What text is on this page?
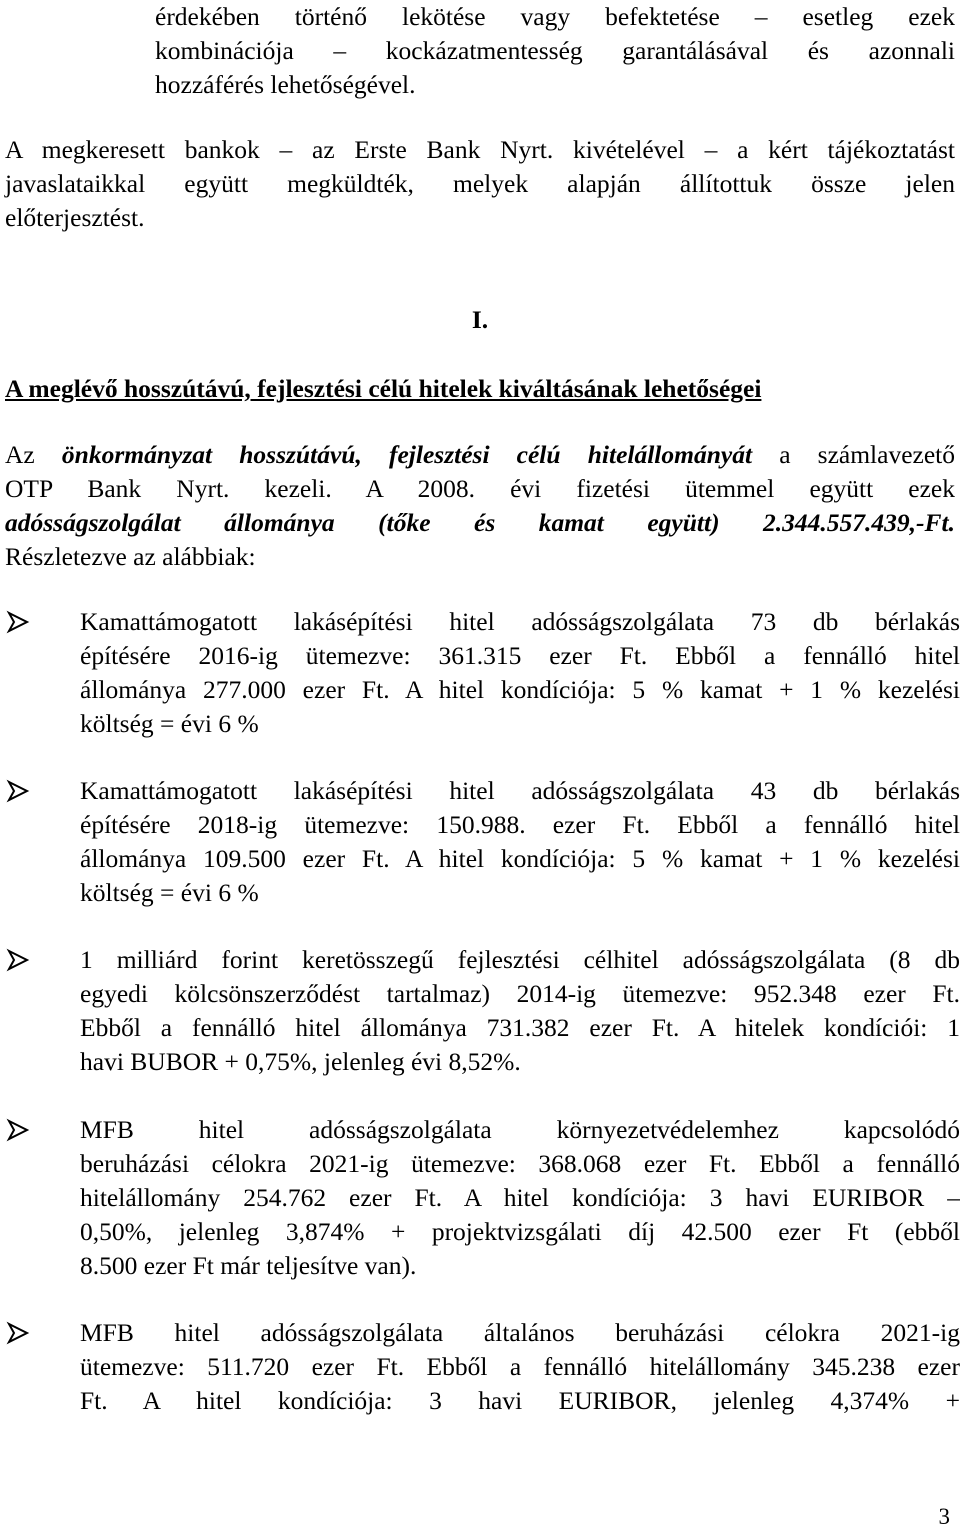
érdekében történő lekötése vagy befektetése – esetleg ezek
kombinációja – kockázatmentesség garantálásával és azonnali
hozzáférés lehetőségével.
A megkeresett bankok – az Erste Bank Nyrt. kivételével – a kért tájékoztatást
javaslataikkal együtt megküldték, melyek alapján állítottuk össze jelen
előterjesztést.
I.
A meglévő hosszútávú, fejlesztési célú hitelek kiváltásának lehetőségei
Az önkormányzat hosszútávú, fejlesztési célú hitelállományát a számlavezető
OTP Bank Nyrt. kezeli. A 2008. évi fizetési ütemmel együtt ezek
adósságszolgálat állománya (tőke és kamat együtt) 2.344.557.439,-Ft.
Részletezve az alábbiak:
Kamattámogatott lakásépítési hitel adósságszolgálata 73 db bérlakás
építésére 2016-ig ütemezve: 361.315 ezer Ft. Ebből a fennálló hitel
állománya 277.000 ezer Ft. A hitel kondíciója: 5 % kamat + 1 % kezelési
költség = évi 6 %
Kamattámogatott lakásépítési hitel adósságszolgálata 43 db bérlakás
építésére 2018-ig ütemezve: 150.988. ezer Ft. Ebből a fennálló hitel
állománya 109.500 ezer Ft. A hitel kondíciója: 5 % kamat + 1 % kezelési
költség = évi 6 %
1 milliárd forint keretösszegű fejlesztési célhitel adósságszolgálata (8 db
egyedi kölcsönszerződést tartalmaz) 2014-ig ütemezve: 952.348 ezer Ft.
Ebből a fennálló hitel állománya 731.382 ezer Ft. A hitelek kondíciói: 1
havi BUBOR + 0,75%, jelenleg évi 8,52%.
MFB hitel adósságszolgálata környezetvédelemhez kapcsolódó
beruházási célokra 2021-ig ütemezve: 368.068 ezer Ft. Ebből a fennálló
hitelállomány 254.762 ezer Ft. A hitel kondíciója: 3 havi EURIBOR –
0,50%, jelenleg 3,874% + projektvizsgálati díj 42.500 ezer Ft (ebből
8.500 ezer Ft már teljesítve van).
MFB hitel adósságszolgálata általános beruházási célokra 2021-ig
ütemezve: 511.720 ezer Ft. Ebből a fennálló hitelállomány 345.238 ezer
Ft. A hitel kondíciója: 3 havi EURIBOR, jelenleg 4,374% +
3
